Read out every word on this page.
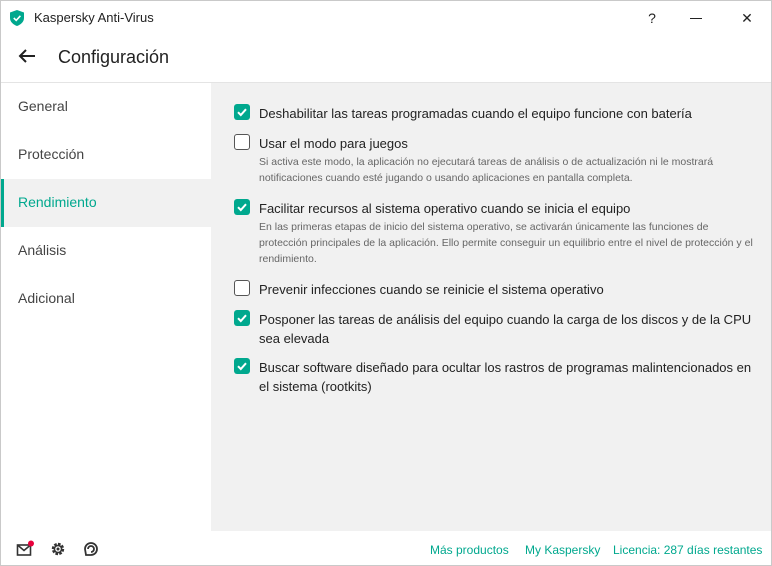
Kaspersky Anti-Virus	?	✕
Configuración
General
Protección
Rendimiento
Análisis
Adicional
Deshabilitar las tareas programadas cuando el equipo funcione con batería
Usar el modo para juegos
Si activa este modo, la aplicación no ejecutará tareas de análisis o de actualización ni le mostrará notificaciones cuando esté jugando o usando aplicaciones en pantalla completa.
Facilitar recursos al sistema operativo cuando se inicia el equipo
En las primeras etapas de inicio del sistema operativo, se activarán únicamente las funciones de protección principales de la aplicación. Ello permite conseguir un equilibrio entre el nivel de protección y el rendimiento.
Prevenir infecciones cuando se reinicie el sistema operativo
Posponer las tareas de análisis del equipo cuando la carga de los discos y de la CPU sea elevada
Buscar software diseñado para ocultar los rastros de programas malintencionados en el sistema (rootkits)
Más productos My Kaspersky Licencia: 287 días restantes
